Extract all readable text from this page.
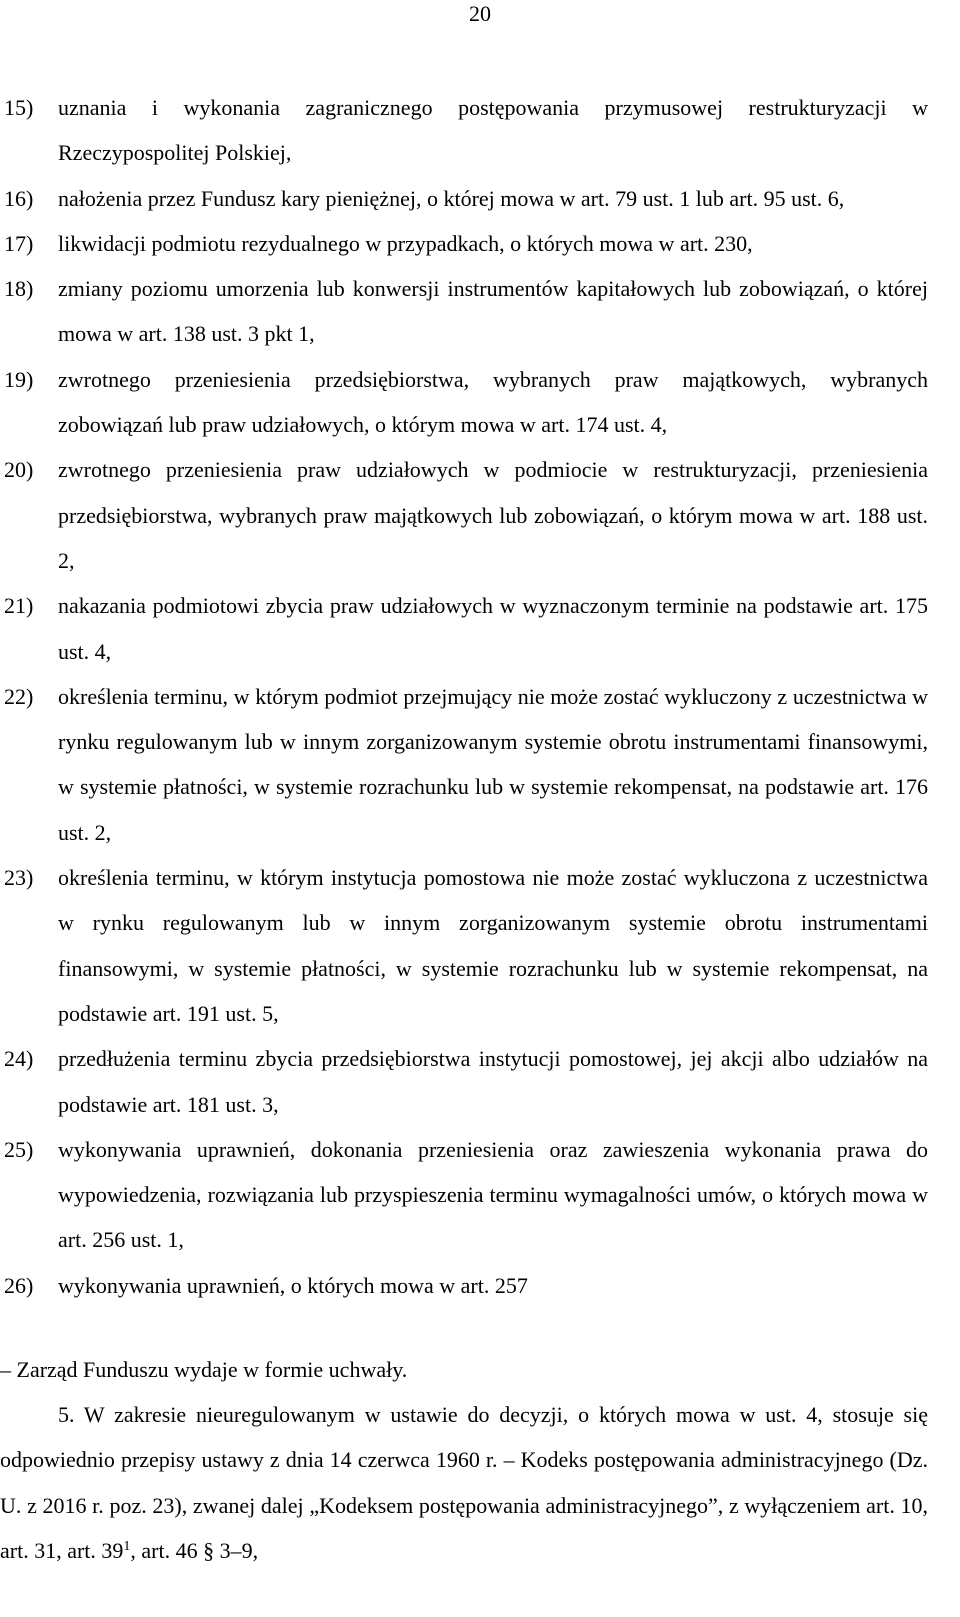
20

15) uznania i wykonania zagranicznego postępowania przymusowej restrukturyzacji w Rzeczypospolitej Polskiej,

16) nałożenia przez Fundusz kary pieniężnej, o której mowa w art. 79 ust. 1 lub art. 95 ust. 6,

17) likwidacji podmiotu rezydualnego w przypadkach, o których mowa w art. 230,

18) zmiany poziomu umorzenia lub konwersji instrumentów kapitałowych lub zobowiązań, o której mowa w art. 138 ust. 3 pkt 1,

19) zwrotnego przeniesienia przedsiębiorstwa, wybranych praw majątkowych, wybranych zobowiązań lub praw udziałowych, o którym mowa w art. 174 ust. 4,

20) zwrotnego przeniesienia praw udziałowych w podmiocie w restrukturyzacji, przeniesienia przedsiębiorstwa, wybranych praw majątkowych lub zobowiązań, o którym mowa w art. 188 ust. 2,

21) nakazania podmiotowi zbycia praw udziałowych w wyznaczonym terminie na podstawie art. 175 ust. 4,

22) określenia terminu, w którym podmiot przejmujący nie może zostać wykluczony z uczestnictwa w rynku regulowanym lub w innym zorganizowanym systemie obrotu instrumentami finansowymi, w systemie płatności, w systemie rozrachunku lub w systemie rekompensat, na podstawie art. 176 ust. 2,

23) określenia terminu, w którym instytucja pomostowa nie może zostać wykluczona z uczestnictwa w rynku regulowanym lub w innym zorganizowanym systemie obrotu instrumentami finansowymi, w systemie płatności, w systemie rozrachunku lub w systemie rekompensat, na podstawie art. 191 ust. 5,

24) przedłużenia terminu zbycia przedsiębiorstwa instytucji pomostowej, jej akcji albo udziałów na podstawie art. 181 ust. 3,

25) wykonywania uprawnień, dokonania przeniesienia oraz zawieszenia wykonania prawa do wypowiedzenia, rozwiązania lub przyspieszenia terminu wymagalności umów, o których mowa w art. 256 ust. 1,

26) wykonywania uprawnień, o których mowa w art. 257

– Zarząd Funduszu wydaje w formie uchwały.

5. W zakresie nieuregulowanym w ustawie do decyzji, o których mowa w ust. 4, stosuje się odpowiednio przepisy ustawy z dnia 14 czerwca 1960 r. – Kodeks postępowania administracyjnego (Dz. U. z 2016 r. poz. 23), zwanej dalej „Kodeksem postępowania administracyjnego”, z wyłączeniem art. 10, art. 31, art. $39^1$, art. 46 § 3–9,
